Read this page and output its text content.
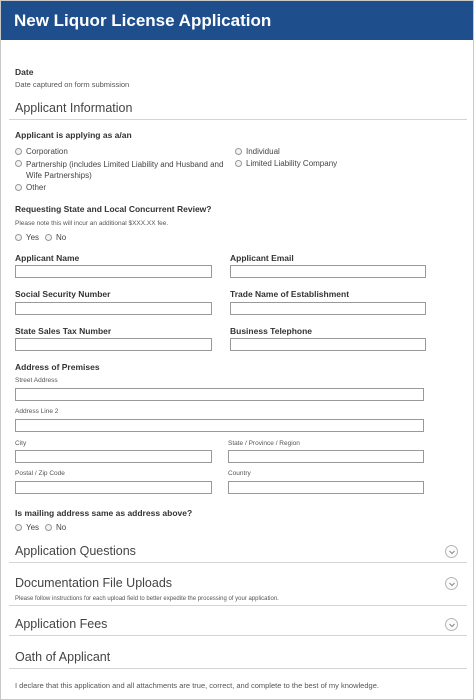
New Liquor License Application
Date
Date captured on form submission
Applicant Information
Applicant is applying as a/an
Corporation	Individual
Partnership (includes Limited Liability and Husband and Wife Partnerships)
Limited Liability Company
Other
Requesting State and Local Concurrent Review?
Please note this will incur an additional $XXX.XX fee.
Yes No
Applicant Name	Applicant Email
Social Security Number	Trade Name of Establishment
State Sales Tax Number	Business Telephone
Address of Premises
Street Address
Address Line 2
City	State / Province / Region
Postal / Zip Code	Country
Is mailing address same as address above?
Yes No
Application Questions
Documentation File Uploads
Please follow instructions for each upload field to better expedite the processing of your application.
Application Fees
Oath of Applicant
I declare that this application and all attachments are true, correct, and complete to the best of my knowledge.
